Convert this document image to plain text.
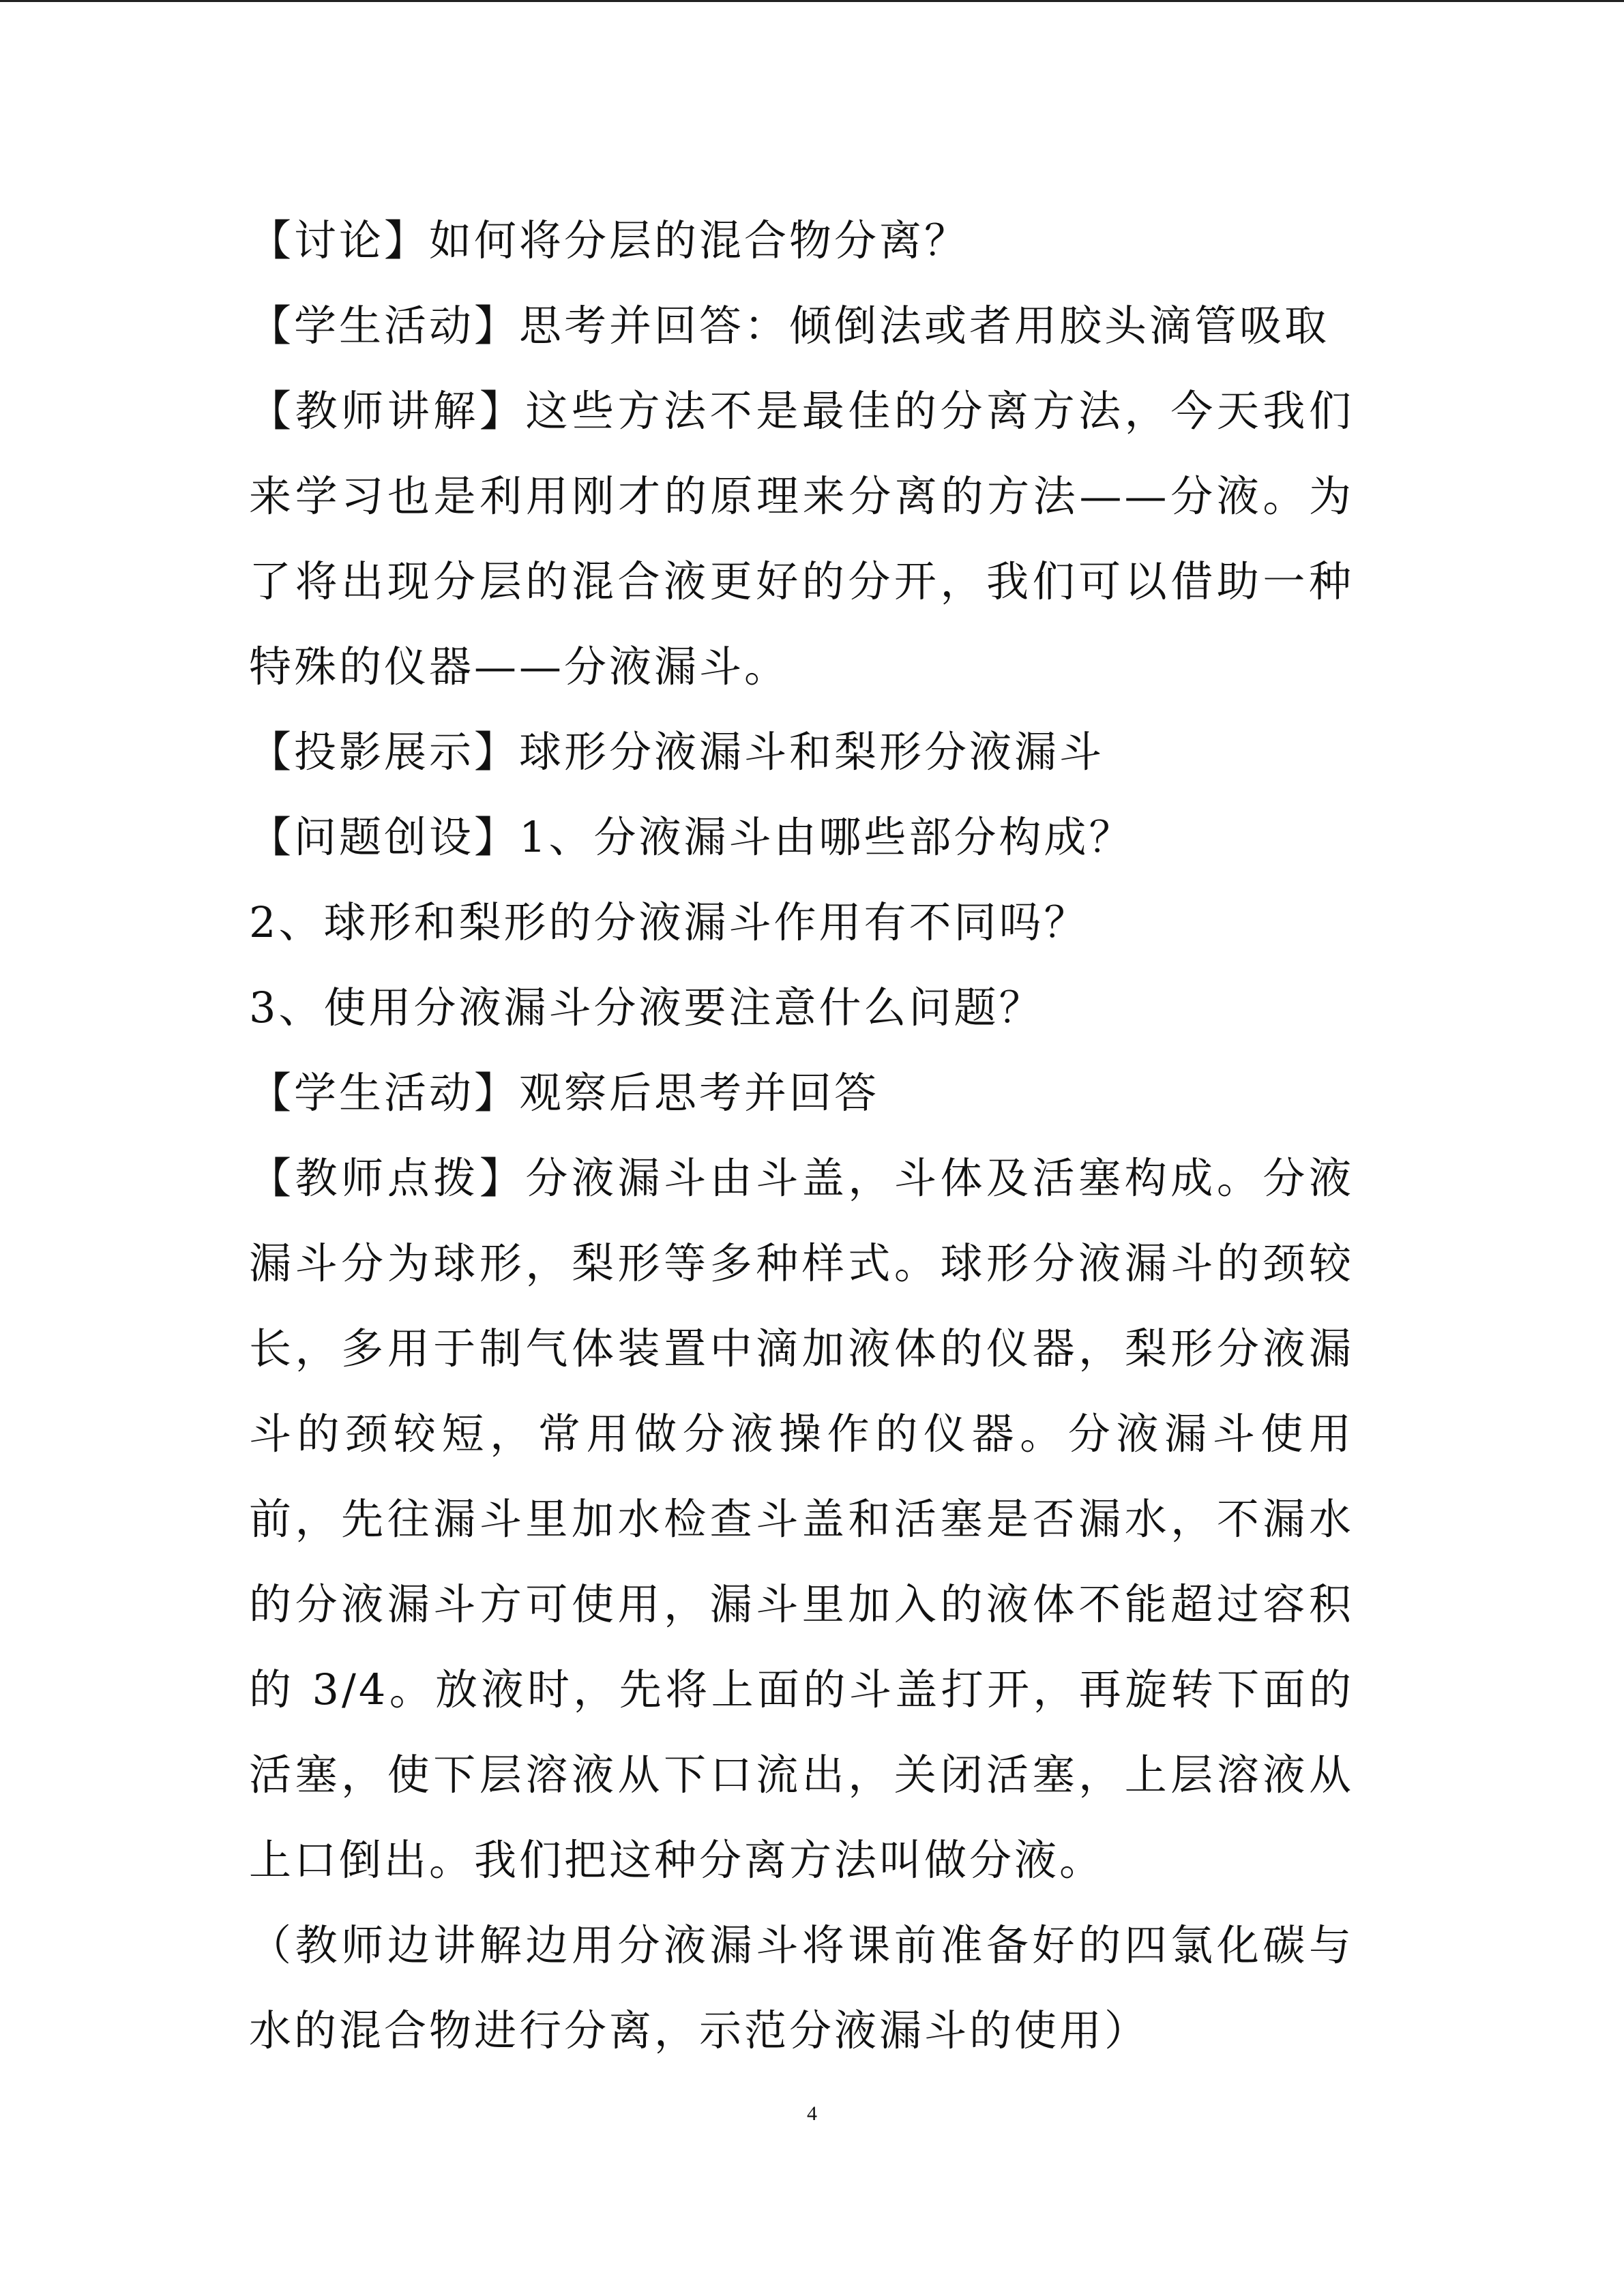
【讨论】如何将分层的混合物分离？

【学生活动】思考并回答：倾倒法或者用胶头滴管吸取

【教师讲解】这些方法不是最佳的分离方法，今天我们来学习也是利用刚才的原理来分离的方法——分液。为了将出现分层的混合液更好的分开，我们可以借助一种特殊的仪器——分液漏斗。

【投影展示】球形分液漏斗和梨形分液漏斗

【问题创设】1、分液漏斗由哪些部分构成？

2、球形和梨形的分液漏斗作用有不同吗？

3、使用分液漏斗分液要注意什么问题？

【学生活动】观察后思考并回答

【教师点拨】分液漏斗由斗盖，斗体及活塞构成。分液漏斗分为球形，梨形等多种样式。球形分液漏斗的颈较长，多用于制气体装置中滴加液体的仪器，梨形分液漏斗的颈较短，常用做分液操作的仪器。分液漏斗使用前，先往漏斗里加水检查斗盖和活塞是否漏水，不漏水的分液漏斗方可使用，漏斗里加入的液体不能超过容积的 3/4。放液时，先将上面的斗盖打开，再旋转下面的活塞，使下层溶液从下口流出，关闭活塞，上层溶液从上口倒出。我们把这种分离方法叫做分液。

（教师边讲解边用分液漏斗将课前准备好的四氯化碳与水的混合物进行分离，示范分液漏斗的使用）

4
